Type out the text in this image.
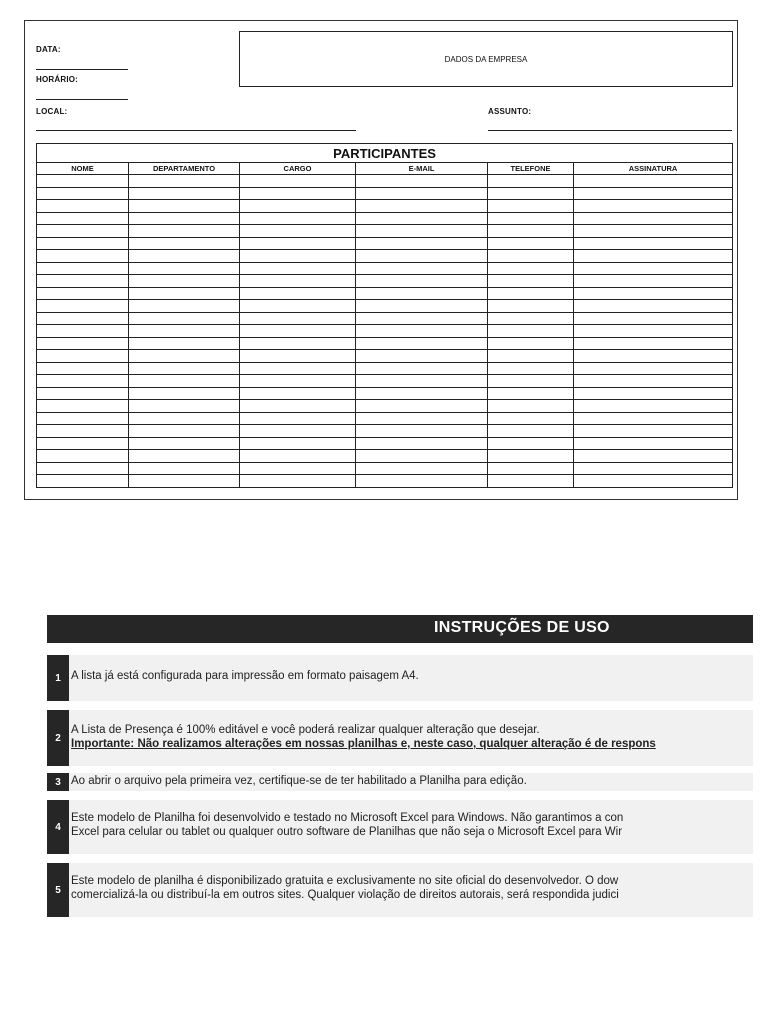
DATA:
HORÁRIO:
LOCAL:	ASSUNTO:
DADOS DA EMPRESA
PARTICIPANTES					
NOME	DEPARTAMENTO	CARGO	E-MAIL	TELEFONE	ASSINATURA

INSTRUÇÕES DE USO
1 A lista já está configurada para impressão em formato paisagem A4.
2
A Lista de Presença é 100% editável e você poderá realizar qualquer alteração que desejar.
Importante: Não realizamos alterações em nossas planilhas e, neste caso, qualquer alteração é de respons
3 Ao abrir o arquivo pela primeira vez, certifique-se de ter habilitado a Planilha para edição.
4
Este modelo de Planilha foi desenvolvido e testado no Microsoft Excel para Windows. Não garantimos a con
Excel para celular ou tablet ou qualquer outro software de Planilhas que não seja o Microsoft Excel para Wir
5
Este modelo de planilha é disponibilizado gratuita e exclusivamente no site oficial do desenvolvedor. O dow
comercializá-la ou distribuí-la em outros sites. Qualquer violação de direitos autorais, será respondida judici
